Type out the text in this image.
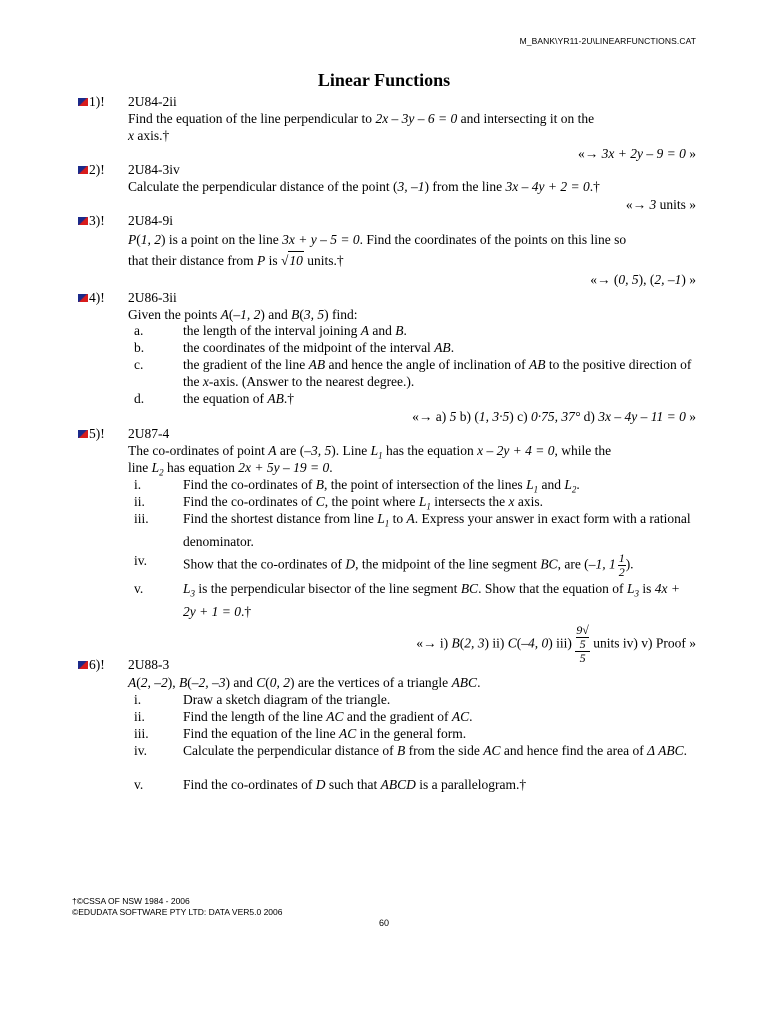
M_BANK\YR11-2U\LINEARFUNCTIONS.CAT
Linear Functions
1)! 2U84-2ii
Find the equation of the line perpendicular to 2x – 3y – 6 = 0 and intersecting it on the
x axis.†
«→ 3x + 2y – 9 = 0 »
2)! 2U84-3iv
Calculate the perpendicular distance of the point (3, –1) from the line 3x – 4y + 2 = 0.†
«→ 3 units »
3)! 2U84-9i
P(1, 2) is a point on the line 3x + y – 5 = 0. Find the coordinates of the points on this line so
that their distance from P is √10 units.†
«→ (0, 5), (2, –1) »
4)! 2U86-3ii
Given the points A(–1, 2) and B(3, 5) find:
a.	the length of the interval joining A and B.
b.	the coordinates of the midpoint of the interval AB.
c.	the gradient of the line AB and hence the angle of inclination of AB to the positive direction of the x-axis. (Answer to the nearest degree.).
d.	the equation of AB.†
«→ a) 5 b) (1, 3·5) c) 0·75, 37° d) 3x – 4y – 11 = 0 »
5)! 2U87-4
The co-ordinates of point A are (–3, 5). Line $L_1$ has the equation x – 2y + 4 = 0, while the
line $L_2$ has equation 2x + 5y – 19 = 0.
i.	Find the co-ordinates of B, the point of intersection of the lines $L_1$ and $L_2$.
ii.	Find the co-ordinates of C, the point where $L_1$ intersects the x axis.
iii.	Find the shortest distance from line $L_1$ to A. Express your answer in exact form with a rational denominator.
iv.	Show that the co-ordinates of D, the midpoint of the line segment BC, are (–1, $1 \frac{1}{2}$ ).
v.	$L_3$ is the perpendicular bisector of the line segment BC. Show that the equation of $L_3$ is 4x + 2y + 1 = 0.†
«→ i) B(2, 3) ii) C(–4, 0) iii) 9√
5
5 units iv) v) Proof »
6)! 2U88-3
A(2, –2), B(–2, –3) and C(0, 2) are the vertices of a triangle ABC.
i.	Draw a sketch diagram of the triangle.
ii.	Find the length of the line AC and the gradient of AC.
iii.	Find the equation of the line AC in the general form.
iv.	Calculate the perpendicular distance of B from the side AC and hence find the area of Δ ABC.
v.	Find the co-ordinates of D such that ABCD is a parallelogram.†
†©CSSA OF NSW 1984 - 2006
©EDUDATA SOFTWARE PTY LTD: DATA VER5.0 2006
60
